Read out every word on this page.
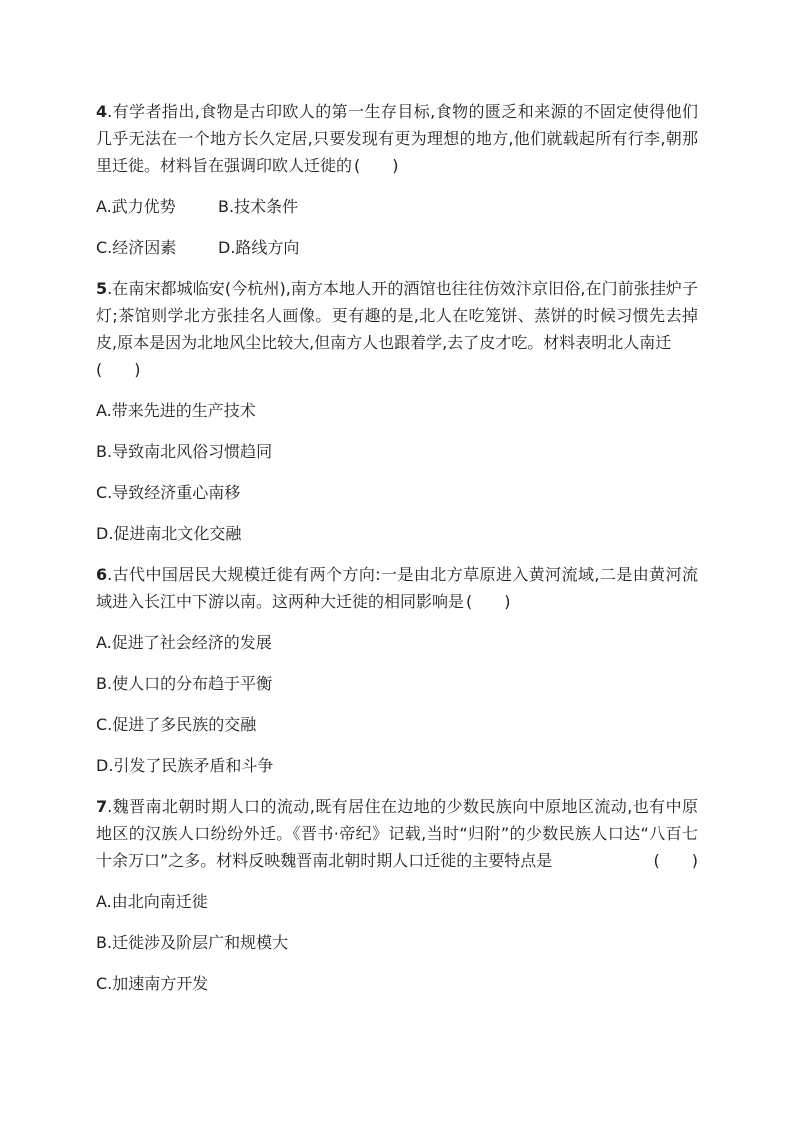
4.有学者指出,食物是古印欧人的第一生存目标,食物的匮乏和来源的不固定使得他们几乎无法在一个地方长久定居,只要发现有更为理想的地方,他们就载起所有行李,朝那里迁徙。材料旨在强调印欧人迁徙的 (　　)

A.武力优势	B.技术条件
C.经济因素	D.路线方向

5.在南宋都城临安(今杭州),南方本地人开的酒馆也往往仿效汴京旧俗,在门前张挂炉子灯;茶馆则学北方张挂名人画像。更有趣的是,北人在吃笼饼、蒸饼的时候习惯先去掉皮,原本是因为北地风尘比较大,但南方人也跟着学,去了皮才吃。材料表明北人南迁
(　　)

A.带来先进的生产技术

B.导致南北风俗习惯趋同

C.导致经济重心南移

D.促进南北文化交融

6.古代中国居民大规模迁徙有两个方向:一是由北方草原进入黄河流域,二是由黄河流域进入长江中下游以南。这两种大迁徙的相同影响是 (　　)

A.促进了社会经济的发展

B.使人口的分布趋于平衡

C.促进了多民族的交融

D.引发了民族矛盾和斗争

7.魏晋南北朝时期人口的流动,既有居住在边地的少数民族向中原地区流动,也有中原地区的汉族人口纷纷外迁。《晋书·帝纪》记载,当时“归附”的少数民族人口达“八百七十余万口”之多。材料反映魏晋南北朝时期人口迁徙的主要特点是	(　　)

A.由北向南迁徙

B.迁徙涉及阶层广和规模大

C.加速南方开发
